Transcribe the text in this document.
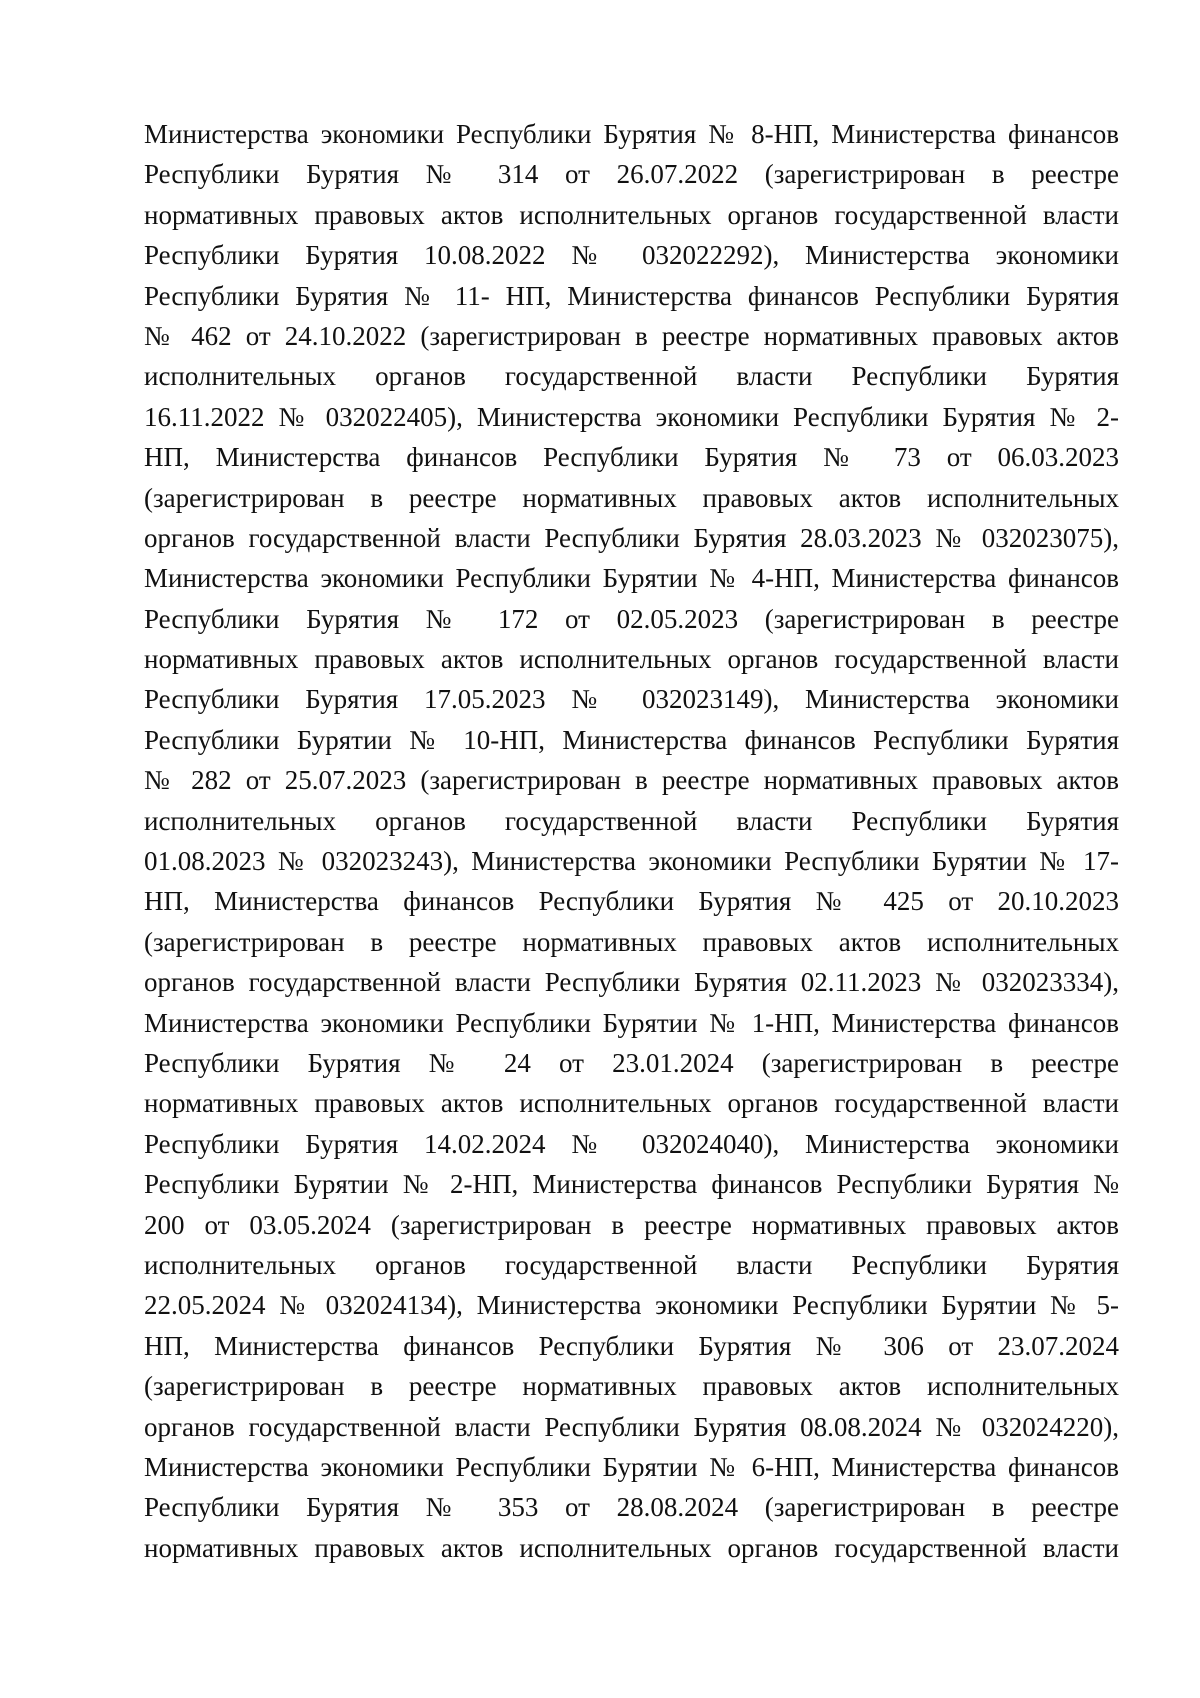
Министерства экономики Республики Бурятия № 8-НП, Министерства финансов
Республики Бурятия № 314 от 26.07.2022 (зарегистрирован в реестре
нормативных правовых актов исполнительных органов государственной власти
Республики Бурятия 10.08.2022 № 032022292), Министерства экономики
Республики Бурятия № 11- НП, Министерства финансов Республики Бурятия
№ 462 от 24.10.2022 (зарегистрирован в реестре нормативных правовых актов
исполнительных органов государственной власти Республики Бурятия
16.11.2022 № 032022405), Министерства экономики Республики Бурятия № 2-
НП, Министерства финансов Республики Бурятия № 73 от 06.03.2023
(зарегистрирован в реестре нормативных правовых актов исполнительных
органов государственной власти Республики Бурятия 28.03.2023 № 032023075),
Министерства экономики Республики Бурятии № 4-НП, Министерства финансов
Республики Бурятия № 172 от 02.05.2023 (зарегистрирован в реестре
нормативных правовых актов исполнительных органов государственной власти
Республики Бурятия 17.05.2023 № 032023149), Министерства экономики
Республики Бурятии № 10-НП, Министерства финансов Республики Бурятия
№ 282 от 25.07.2023 (зарегистрирован в реестре нормативных правовых актов
исполнительных органов государственной власти Республики Бурятия
01.08.2023 № 032023243), Министерства экономики Республики Бурятии № 17-
НП, Министерства финансов Республики Бурятия № 425 от 20.10.2023
(зарегистрирован в реестре нормативных правовых актов исполнительных
органов государственной власти Республики Бурятия 02.11.2023 № 032023334),
Министерства экономики Республики Бурятии № 1-НП, Министерства финансов
Республики Бурятия № 24 от 23.01.2024 (зарегистрирован в реестре
нормативных правовых актов исполнительных органов государственной власти
Республики Бурятия 14.02.2024 № 032024040), Министерства экономики
Республики Бурятии № 2-НП, Министерства финансов Республики Бурятия №
200 от 03.05.2024 (зарегистрирован в реестре нормативных правовых актов
исполнительных органов государственной власти Республики Бурятия
22.05.2024 № 032024134), Министерства экономики Республики Бурятии № 5-
НП, Министерства финансов Республики Бурятия № 306 от 23.07.2024
(зарегистрирован в реестре нормативных правовых актов исполнительных
органов государственной власти Республики Бурятия 08.08.2024 № 032024220),
Министерства экономики Республики Бурятии № 6-НП, Министерства финансов
Республики Бурятия № 353 от 28.08.2024 (зарегистрирован в реестре
нормативных правовых актов исполнительных органов государственной власти
